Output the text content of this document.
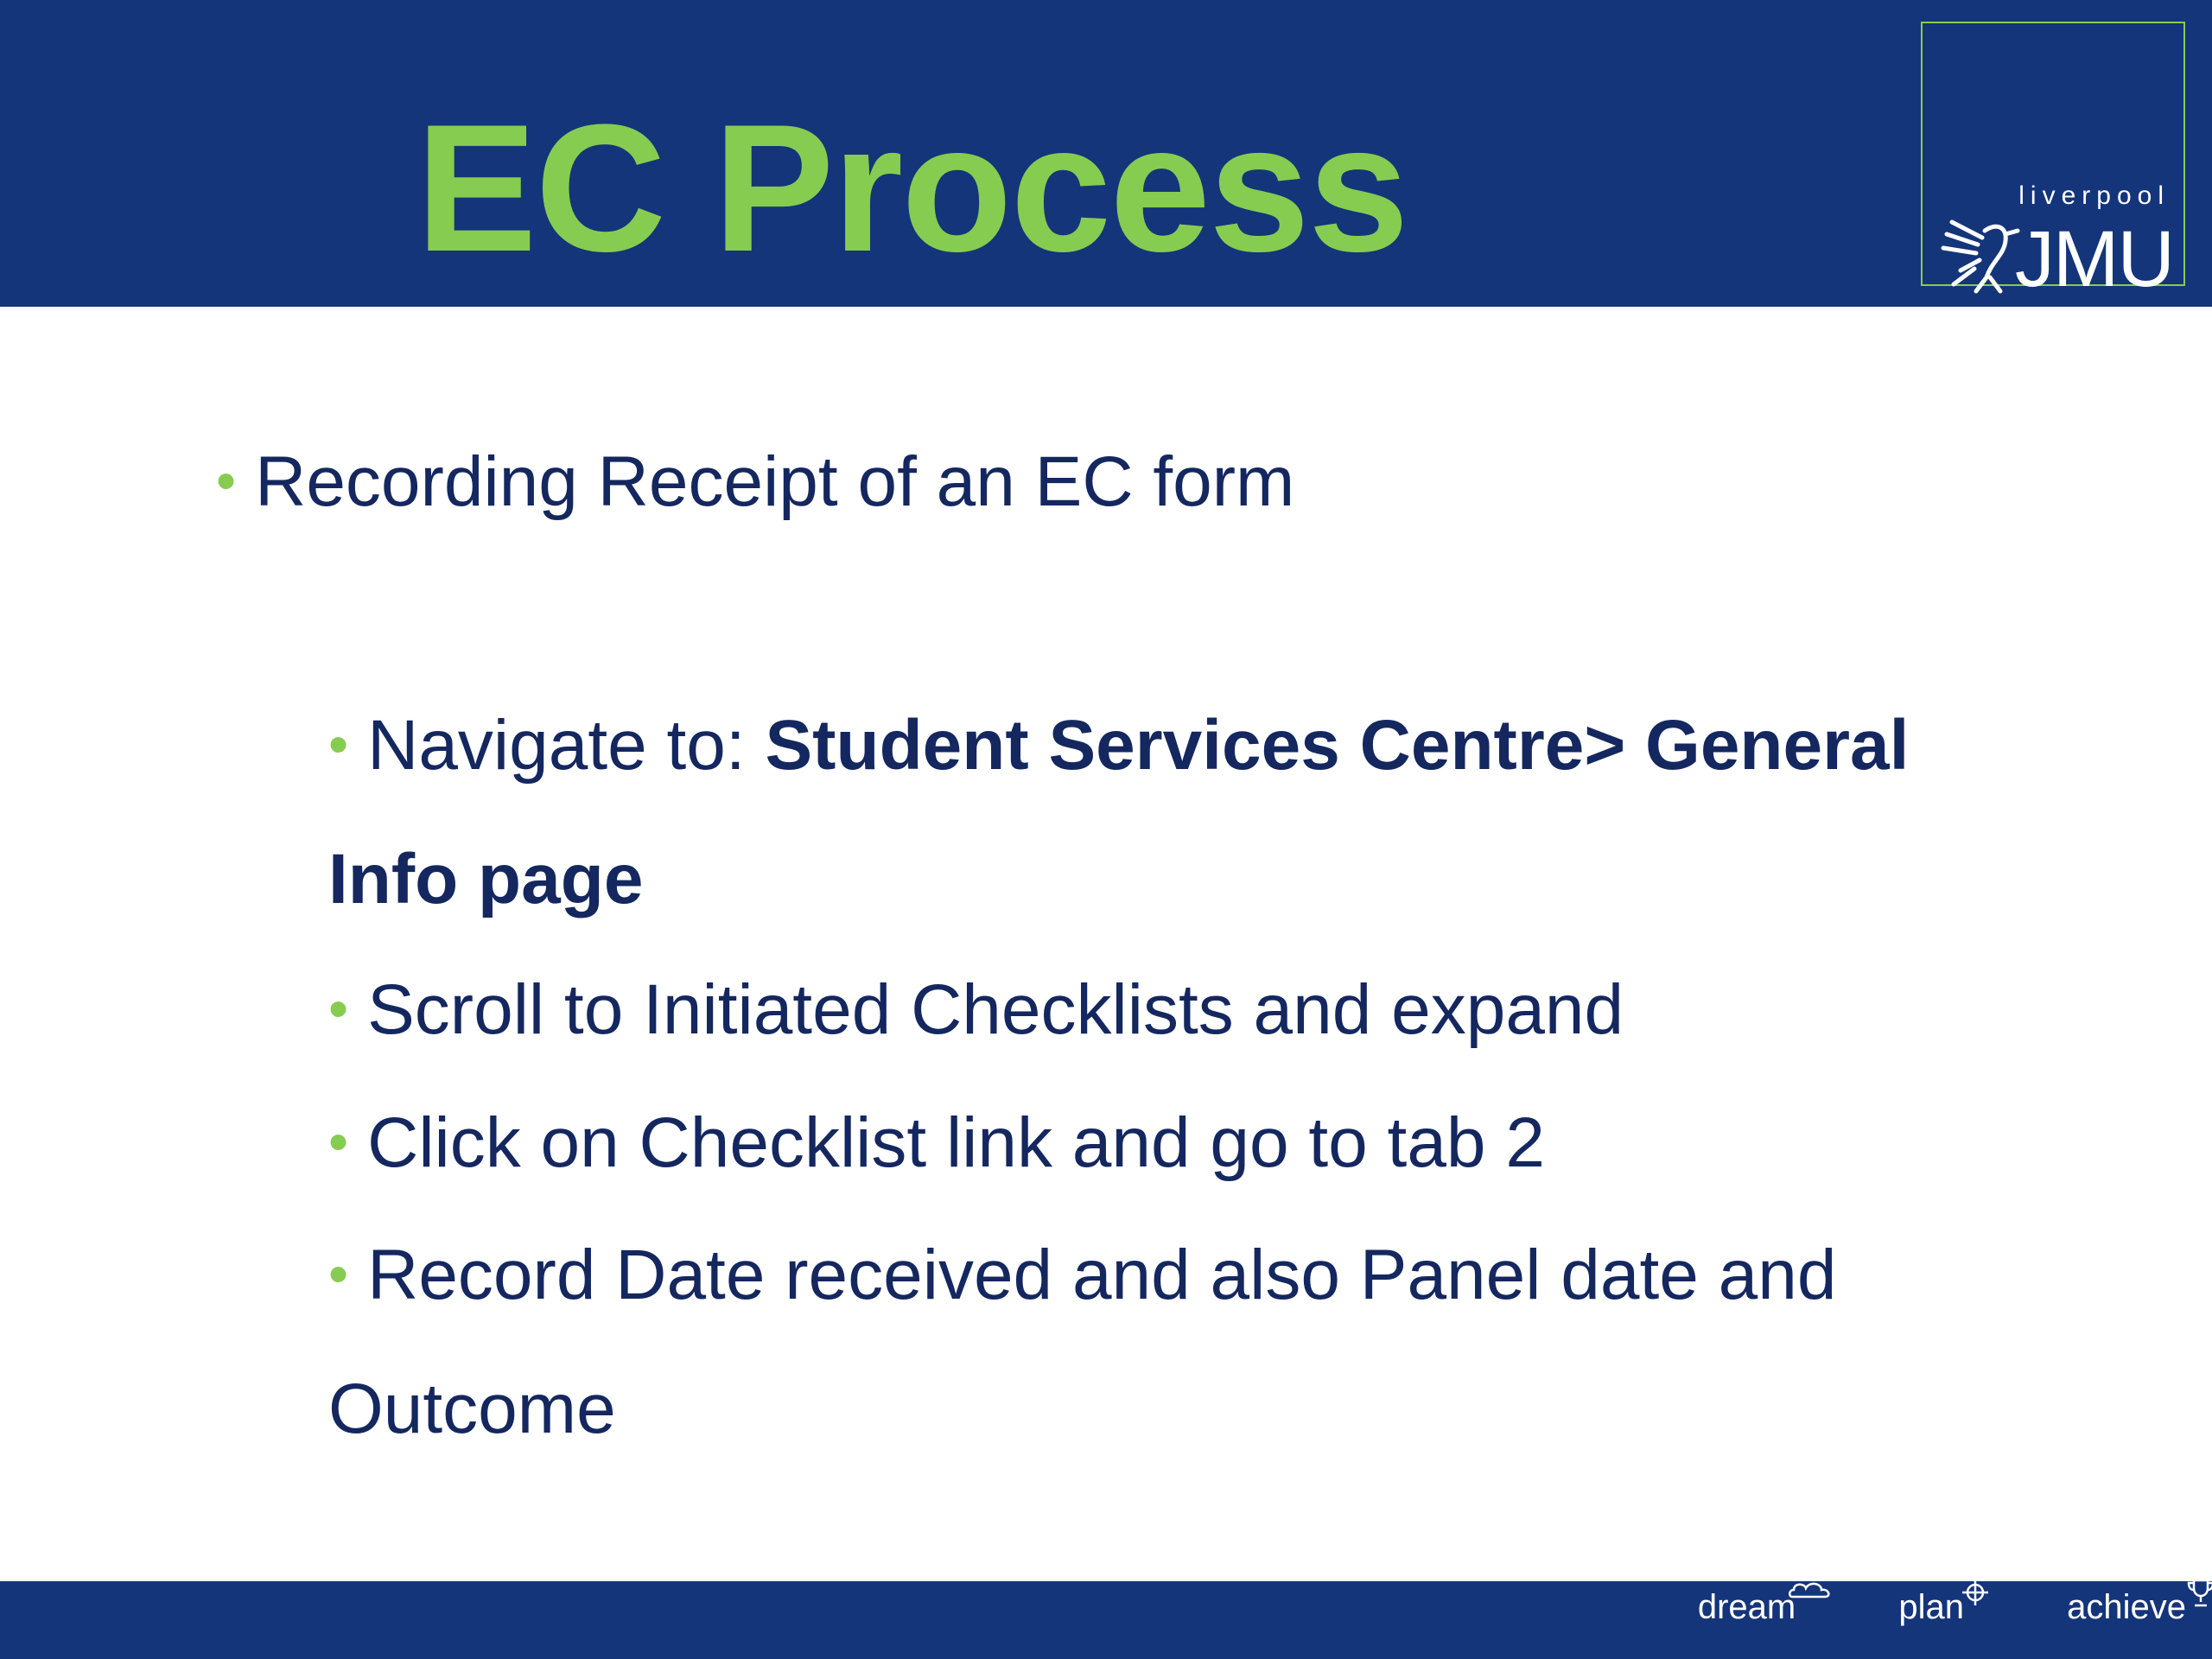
EC Process	liverpool
JMU
• Recording Receipt of an EC form
• Navigate to: Student Services Centre> General
Info page
• Scroll to Initiated Checklists and expand
• Click on Checklist link and go to tab 2
• Record Date received and also Panel date and
Outcome
dream	plan	achieve
